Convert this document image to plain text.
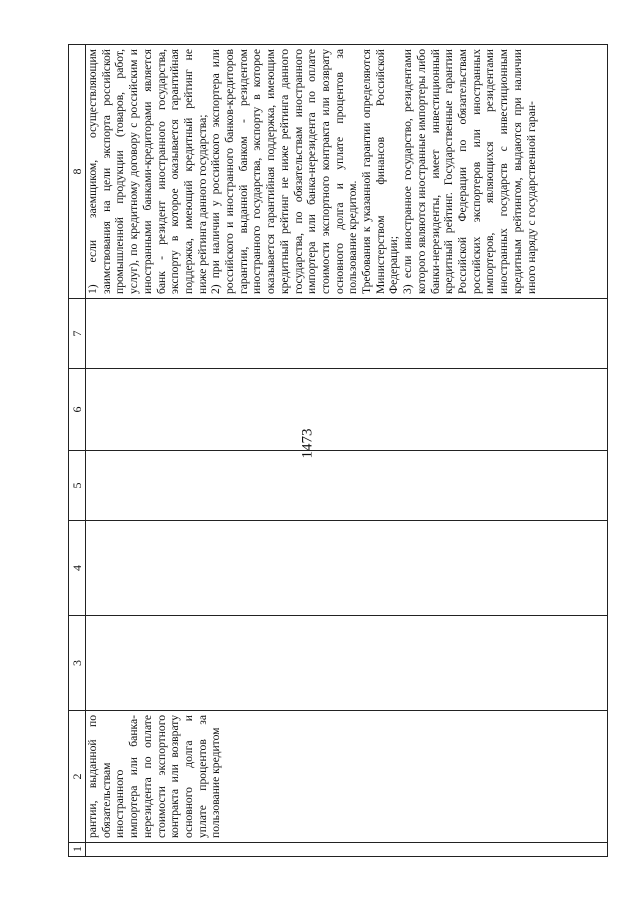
1473
1	2	3	4	5	6	7	8
	рантии, выданной по обязательствам иностранного импортера или банка-нерезидента по оплате стоимости экспортного контракта или возврату основного долга и уплате процентов за пользование кредитом						1) если заемщиком, осуществляющим заимствования на цели экспорта российской промышленной продукции (товаров, работ, услуг), по кредитному договору с российским и иностранными банками-кредиторами является банк - резидент иностранного государства, экспорту в которое оказывается гарантийная поддержка, имеющий кредитный рейтинг не ниже рейтинга данного государства; 2) при наличии у российского экспортера или российского и иностранного банков-кредиторов гарантии, выданной банком - резидентом иностранного государства, экспорту в которое оказывается гарантийная поддержка, имеющим кредитный рейтинг не ниже рейтинга данного государства, по обязательствам иностранного импортера или банка-нерезидента по оплате стоимости экспортного контракта или возврату основного долга и уплате процентов за пользование кредитом. Требования к указанной гарантии определяются Министерством финансов Российской Федерации; 3) если иностранное государство, резидентами которого являются иностранные импортеры либо банки-нерезиденты, имеет инвестиционный кредитный рейтинг. Государственные гарантии Российской Федерации по обязательствам российских экспортеров или иностранных импортеров, являющихся резидентами иностранных государств с инвестиционным кредитным рейтингом, выдаются при наличии иного наряду с государственной гаран-
